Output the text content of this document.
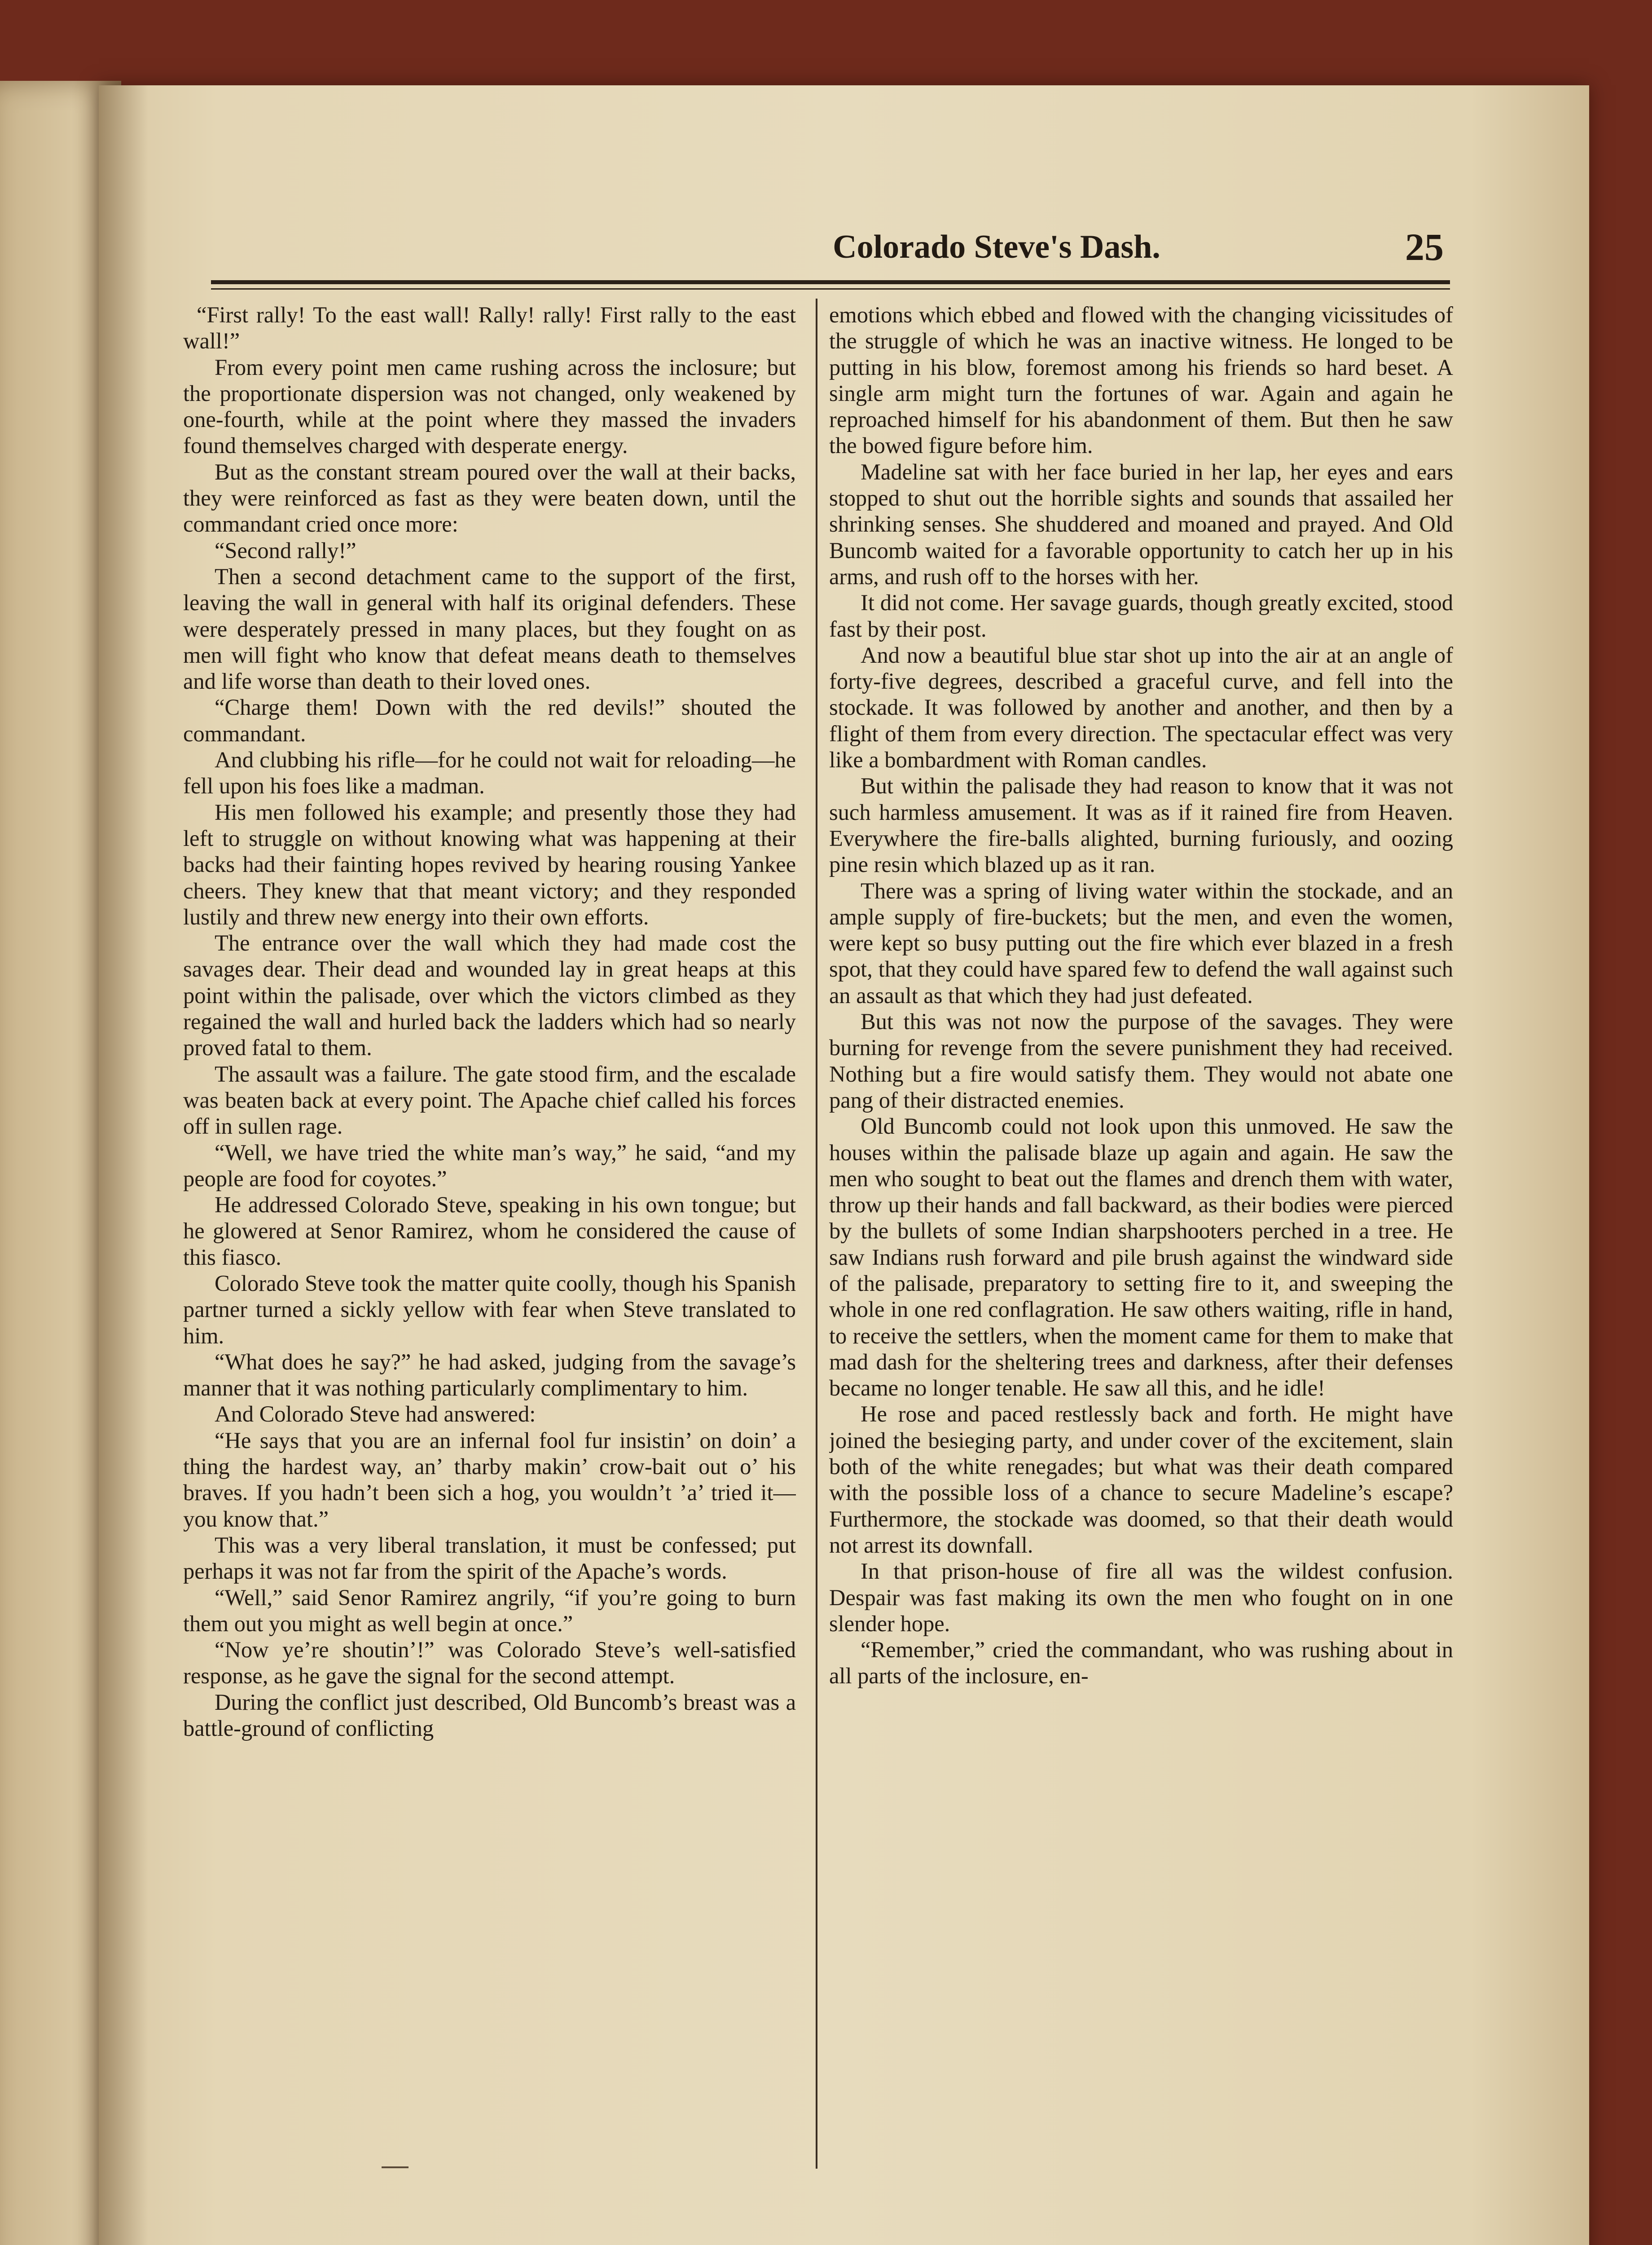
Colorado Steve's Dash.	25

“First rally! To the east wall! Rally! rally! First rally to the east wall!”

From every point men came rushing across the inclosure; but the proportionate dispersion was not changed, only weakened by one-fourth, while at the point where they massed the invaders found themselves charged with desperate energy.

But as the constant stream poured over the wall at their backs, they were reinforced as fast as they were beaten down, until the commandant cried once more:

“Second rally!”

Then a second detachment came to the support of the first, leaving the wall in general with half its original defenders. These were desperately pressed in many places, but they fought on as men will fight who know that defeat means death to themselves and life worse than death to their loved ones.

“Charge them! Down with the red devils!” shouted the commandant.

And clubbing his rifle—for he could not wait for reloading—he fell upon his foes like a madman.

His men followed his example; and presently those they had left to struggle on without knowing what was happening at their backs had their fainting hopes revived by hearing rousing Yankee cheers. They knew that that meant victory; and they responded lustily and threw new energy into their own efforts.

The entrance over the wall which they had made cost the savages dear. Their dead and wounded lay in great heaps at this point within the palisade, over which the victors climbed as they regained the wall and hurled back the ladders which had so nearly proved fatal to them.

The assault was a failure. The gate stood firm, and the escalade was beaten back at every point. The Apache chief called his forces off in sullen rage.

“Well, we have tried the white man’s way,” he said, “and my people are food for coyotes.”

He addressed Colorado Steve, speaking in his own tongue; but he glowered at Senor Ramirez, whom he considered the cause of this fiasco.

Colorado Steve took the matter quite coolly, though his Spanish partner turned a sickly yellow with fear when Steve translated to him.

“What does he say?” he had asked, judging from the savage’s manner that it was nothing particularly complimentary to him.

And Colorado Steve had answered:

“He says that you are an infernal fool fur insistin’ on doin’ a thing the hardest way, an’ tharby makin’ crow-bait out o’ his braves. If you hadn’t been sich a hog, you wouldn’t ’a’ tried it—you know that.”

This was a very liberal translation, it must be confessed; put perhaps it was not far from the spirit of the Apache’s words.

“Well,” said Senor Ramirez angrily, “if you’re going to burn them out you might as well begin at once.”

“Now ye’re shoutin’!” was Colorado Steve’s well-satisfied response, as he gave the signal for the second attempt.

During the conflict just described, Old Buncomb’s breast was a battle-ground of conflicting

emotions which ebbed and flowed with the changing vicissitudes of the struggle of which he was an inactive witness. He longed to be putting in his blow, foremost among his friends so hard beset. A single arm might turn the fortunes of war. Again and again he reproached himself for his abandonment of them. But then he saw the bowed figure before him.

Madeline sat with her face buried in her lap, her eyes and ears stopped to shut out the horrible sights and sounds that assailed her shrinking senses. She shuddered and moaned and prayed. And Old Buncomb waited for a favorable opportunity to catch her up in his arms, and rush off to the horses with her.

It did not come. Her savage guards, though greatly excited, stood fast by their post.

And now a beautiful blue star shot up into the air at an angle of forty-five degrees, described a graceful curve, and fell into the stockade. It was followed by another and another, and then by a flight of them from every direction. The spectacular effect was very like a bombardment with Roman candles.

But within the palisade they had reason to know that it was not such harmless amusement. It was as if it rained fire from Heaven. Everywhere the fire-balls alighted, burning furiously, and oozing pine resin which blazed up as it ran.

There was a spring of living water within the stockade, and an ample supply of fire-buckets; but the men, and even the women, were kept so busy putting out the fire which ever blazed in a fresh spot, that they could have spared few to defend the wall against such an assault as that which they had just defeated.

But this was not now the purpose of the savages. They were burning for revenge from the severe punishment they had received. Nothing but a fire would satisfy them. They would not abate one pang of their distracted enemies.

Old Buncomb could not look upon this unmoved. He saw the houses within the palisade blaze up again and again. He saw the men who sought to beat out the flames and drench them with water, throw up their hands and fall backward, as their bodies were pierced by the bullets of some Indian sharpshooters perched in a tree. He saw Indians rush forward and pile brush against the windward side of the palisade, preparatory to setting fire to it, and sweeping the whole in one red conflagration. He saw others waiting, rifle in hand, to receive the settlers, when the moment came for them to make that mad dash for the sheltering trees and darkness, after their defenses became no longer tenable. He saw all this, and he idle!

He rose and paced restlessly back and forth. He might have joined the besieging party, and under cover of the excitement, slain both of the white renegades; but what was their death compared with the possible loss of a chance to secure Madeline’s escape? Furthermore, the stockade was doomed, so that their death would not arrest its downfall.

In that prison-house of fire all was the wildest confusion. Despair was fast making its own the men who fought on in one slender hope.

“Remember,” cried the commandant, who was rushing about in all parts of the inclosure, en-
